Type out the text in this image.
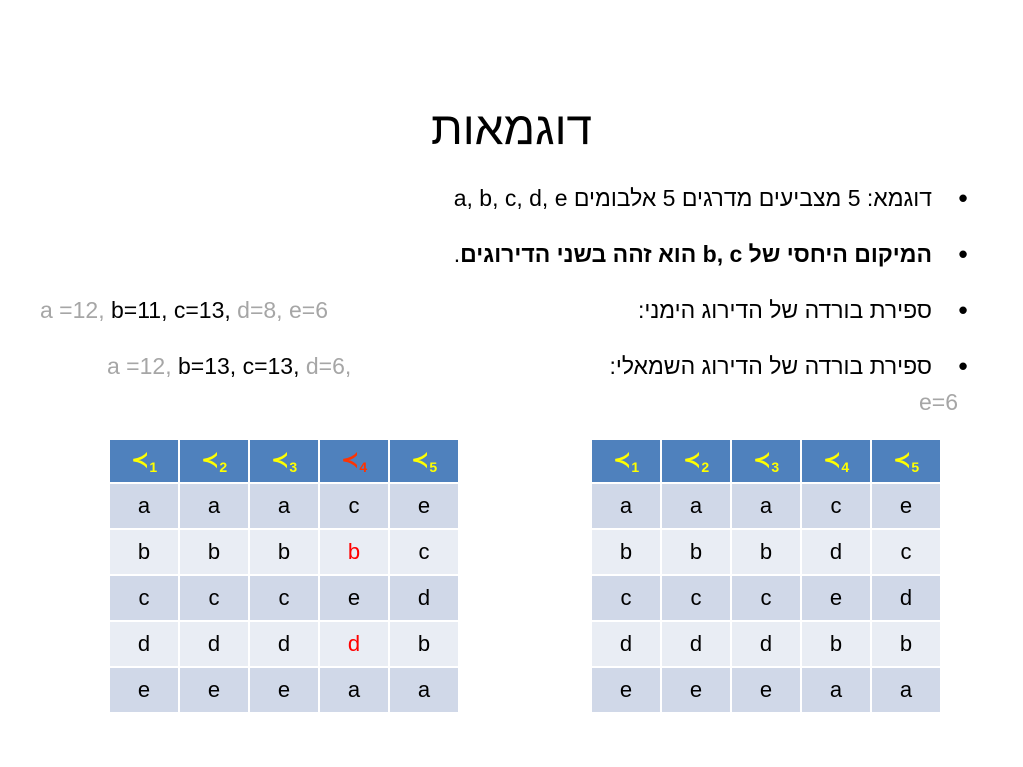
דוגמאות
•
דוגמא: 5 מצביעים מדרגים 5 אלבומים a, b, c, d, e
•
המיקום היחסי של b, c הוא זהה בשני הדירוגים.
•
ספירת בורדה של הדירוג הימני:
a =12, b=11, c=13, d=8, e=6
•
ספירת בורדה של הדירוג השמאלי:
a =12, b=13, c=13, d=6,
e=6
$≺_1$	$≺_2$	$≺_3$	$≺_4$	$≺_5$
a	a	a	c	e
b	b	b	b	c
c	c	c	e	d
d	d	d	d	b
e	e	e	a	a
$≺_1$	$≺_2$	$≺_3$	$≺_4$	$≺_5$
a	a	a	c	e
b	b	b	d	c
c	c	c	e	d
d	d	d	b	b
e	e	e	a	a
